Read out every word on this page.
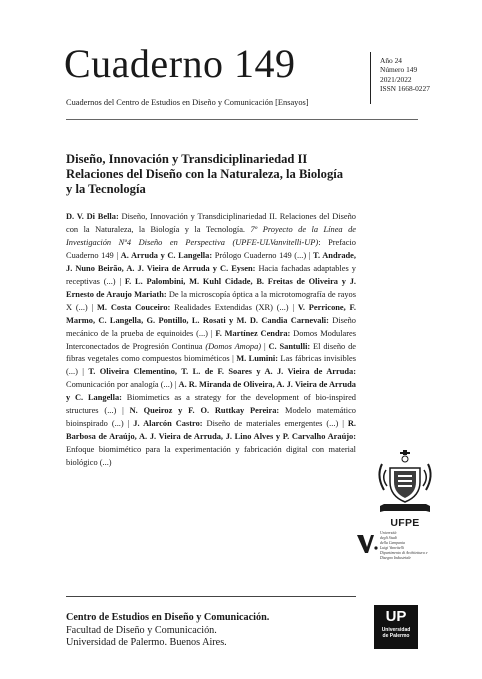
Cuaderno 149
Cuadernos del Centro de Estudios en Diseño y Comunicación [Ensayos]
Año 24
Número 149
2021/2022
ISSN 1668-0227
Diseño, Innovación y Transdiciplinariedad II
Relaciones del Diseño con la Naturaleza, la Biología
y la Tecnología
D. V. Di Bella: Diseño, Innovación y Transdiciplinariedad II. Relaciones del Diseño con la Naturaleza, la Biología y la Tecnología. 7º Proyecto de la Línea de Investigación Nº4 Diseño en Perspectiva (UPFE-ULVanvitelli-UP): Prefacio Cuaderno 149 | A. Arruda y C. Langella: Prólogo Cuaderno 149 (...) | T. Andrade, J. Nuno Beirão, A. J. Vieira de Arruda y C. Eysen: Hacia fachadas adaptables y receptivas (...) | F. L. Palombini, M. Kuhl Cidade, B. Freitas de Oliveira y J. Ernesto de Araujo Mariath: De la microscopía óptica a la microtomografía de rayos X (...) | M. Costa Couceiro: Realidades Extendidas (XR) (...) | V. Perricone, F. Marmo, C. Langella, G. Pontillo, L. Rosati y M. D. Candia Carnevali: Diseño mecánico de la prueba de equinoides (...) | F. Martínez Cendra: Domos Modulares Interconectados de Progresión Continua (Domos Amopa) | C. Santulli: El diseño de fibras vegetales como compuestos biomiméticos | M. Lumini: Las fábricas invisibles (...) | T. Oliveira Clementino, T. L. de F. Soares y A. J. Vieira de Arruda: Comunicación por analogía (...) | A. R. Miranda de Oliveira, A. J. Vieira de Arruda y C. Langella: Biomimetics as a strategy for the development of bio-inspired structures (...) | N. Queiroz y F. O. Ruttkay Pereira: Modelo matemático bioinspirado (...) | J. Alarcón Castro: Diseño de materiales emergentes (...) | R. Barbosa de Araújo, A. J. Vieira de Arruda, J. Lino Alves y P. Carvalho Araújo: Enfoque biomimético para la experimentación y fabricación digital con material biológico (...)
UFPE
Università
degli Studi
della Campania
Luigi Vanvitelli
Dipartimento di Architettura e
Disegno Industriale
Centro de Estudios en Diseño y Comunicación.
Facultad de Diseño y Comunicación.
Universidad de Palermo. Buenos Aires.
UP
Universidad
de Palermo
